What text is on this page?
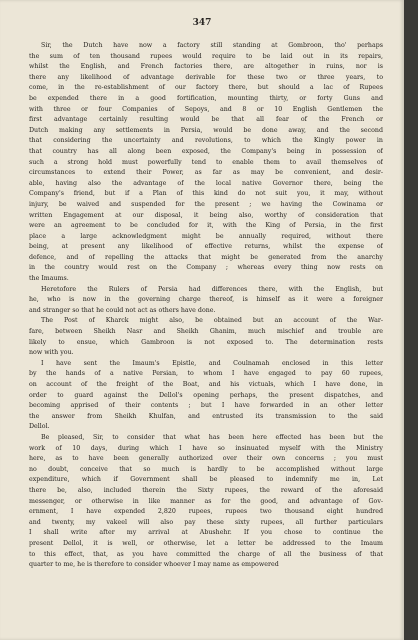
347
Sir, the Dutch have now a factory still standing at Gombroon, tho' perhaps
the sum of ten thousand rupees would require to be laid out in its repairs,
whilst the English, and French factories there, are altogether in ruins, nor is
there any likelihood of advantage derivable for these two or three years, to
come, in the re-establishment of our factory there, but should a lac of Rupees
be expended there in a good fortification, mounting thirty, or forty Guns and
with three or four Companies of Sepoys, and 8 or 10 English Gentlemen the
first advantage certainly resulting would be that all fear of the French or
Dutch making any settlements in Persia, would be done away, and the second
that considering the uncertainty and revolutions, to which the Kingly power in
that country has all along been exposed, the Company's being in possession of
such a strong hold must powerfully tend to enable them to avail themselves of
circumstances to extend their Power, as far as may be convenient, and desir-
able, having also the advantage of the local native Governor there, being the
Company's friend, but if a Plan of this kind do not suit you, it may, without
injury, be waived and suspended for the present ; we having the Cowinama or
written Engagement at our disposal, it being also, worthy of consideration that
were an agreement to be concluded for it, with the King of Persia, in the first
place a large acknowledgment might be annually required, without there
being, at present any likelihood of effective returns, whilst the expense of
defence, and of repelling the attacks that might be generated from the anarchy
in the country would rest on the Company ; whereas every thing now rests on
the Imaums.
Heretofore the Rulers of Persia had differences there, with the English, but
he, who is now in the governing charge thereof, is himself as it were a foreigner
and stranger so that he could not act as others have done.
The Post of Kharck might also, be obtained but an account of the War-
fare, between Sheikh Nasr and Sheikh Ghanim, much mischief and trouble are
likely to ensue, which Gambroon is not exposed to. The determination rests
now with you.
I have sent the Imaum's Epistle, and Coulnamah enclosed in this letter
by the hands of a native Persian, to whom I have engaged to pay 60 rupees,
on account of the freight of the Boat, and his victuals, which I have done, in
order to guard against the Dellol's opening perhaps, the present dispatches, and
becoming apprised of their contents ; but I have forwarded in an other letter
the answer from Sheikh Khulfan, and entrusted its transmission to the said
Dellol.
Be pleased, Sir, to consider that what has been here effected has been but the
work of 10 days, during which I have so insinuated myself with the Ministry
here, as to have been generally authorized over their own concerns ; you must
no doubt, conceive that so much is hardly to be accomplished without large
expenditure, which if Government shall be pleased to indemnify me in, Let
there be, also, included therein the Sixty rupees, the reward of the aforesaid
messenger, or otherwise in like manner as for the good, and advantage of Gov-
ernment, I have expended 2,820 rupees, rupees two thousand eight hundred
and twenty, my vakeel will also pay these sixty rupees, all further particulars
I shall write after my arrival at Abushehr. If you chose to continue the
present Dellol, it is well, or otherwise, let a letter be addressed to the Imaum
to this effect, that, as you have committed the charge of all the business of that
quarter to me, he is therefore to consider whoever I may name as empowered
